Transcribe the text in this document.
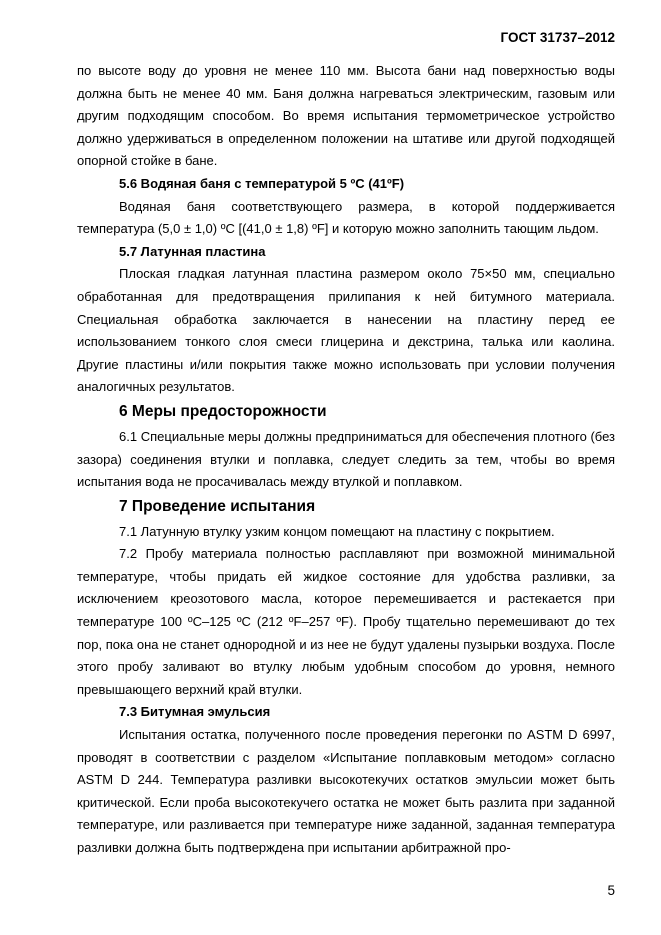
ГОСТ 31737–2012

по высоте воду до уровня не менее 110 мм. Высота бани над поверхностью воды должна быть не менее 40 мм. Баня должна нагреваться электрическим, газовым или другим подходящим способом. Во время испытания термометрическое устройство должно удерживаться в определенном положении на штативе или другой подходящей опорной стойке в бане.

5.6 Водяная баня с температурой 5 ºС (41ºF)

Водяная баня соответствующего размера, в которой поддерживается температура (5,0 ± 1,0) ºС [(41,0 ± 1,8) ºF] и которую можно заполнить тающим льдом.

5.7 Латунная пластина

Плоская гладкая латунная пластина размером около 75×50 мм, специально обработанная для предотвращения прилипания к ней битумного материала. Специальная обработка заключается в нанесении на пластину перед ее использованием тонкого слоя смеси глицерина и декстрина, талька или каолина. Другие пластины и/или покрытия также можно использовать при условии получения аналогичных результатов.

6 Меры предосторожности

6.1 Специальные меры должны предприниматься для обеспечения плотного (без зазора) соединения втулки и поплавка, следует следить за тем, чтобы во время испытания вода не просачивалась между втулкой и поплавком.

7 Проведение испытания

7.1 Латунную втулку узким концом помещают на пластину с покрытием.

7.2 Пробу материала полностью расплавляют при возможной минимальной температуре, чтобы придать ей жидкое состояние для удобства разливки, за исключением креозотового масла, которое перемешивается и растекается при температуре 100 ºС–125 ºС (212 ºF–257 ºF). Пробу тщательно перемешивают до тех пор, пока она не станет однородной и из нее не будут удалены пузырьки воздуха. После этого пробу заливают во втулку любым удобным способом до уровня, немного превышающего верхний край втулки.

7.3 Битумная эмульсия

Испытания остатка, полученного после проведения перегонки по ASTM D 6997, проводят в соответствии с разделом «Испытание поплавковым методом» согласно ASTM D 244. Температура разливки высокотекучих остатков эмульсии может быть критической. Если проба высокотекучего остатка не может быть разлита при заданной температуре, или разливается при температуре ниже заданной, заданная температура разливки должна быть подтверждена при испытании арбитражной про-

5
